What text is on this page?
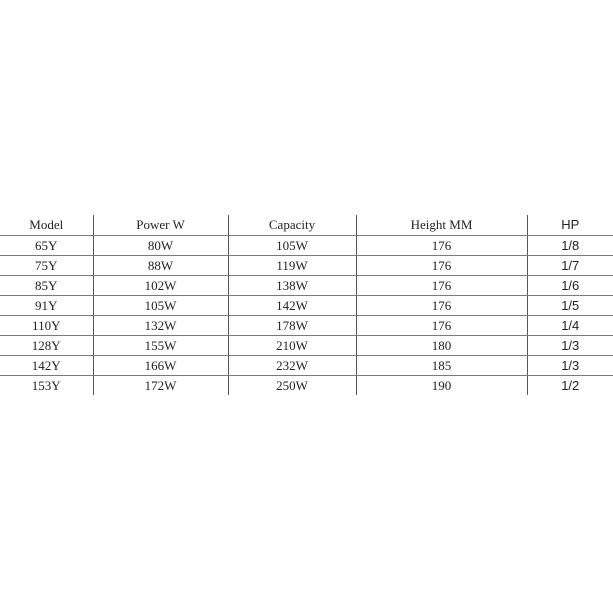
Model	Power W	Capacity	Height MM	HP
65Y	80W	105W	176	1/8
75Y	88W	119W	176	1/7
85Y	102W	138W	176	1/6
91Y	105W	142W	176	1/5
110Y	132W	178W	176	1/4
128Y	155W	210W	180	1/3
142Y	166W	232W	185	1/3
153Y	172W	250W	190	1/2
